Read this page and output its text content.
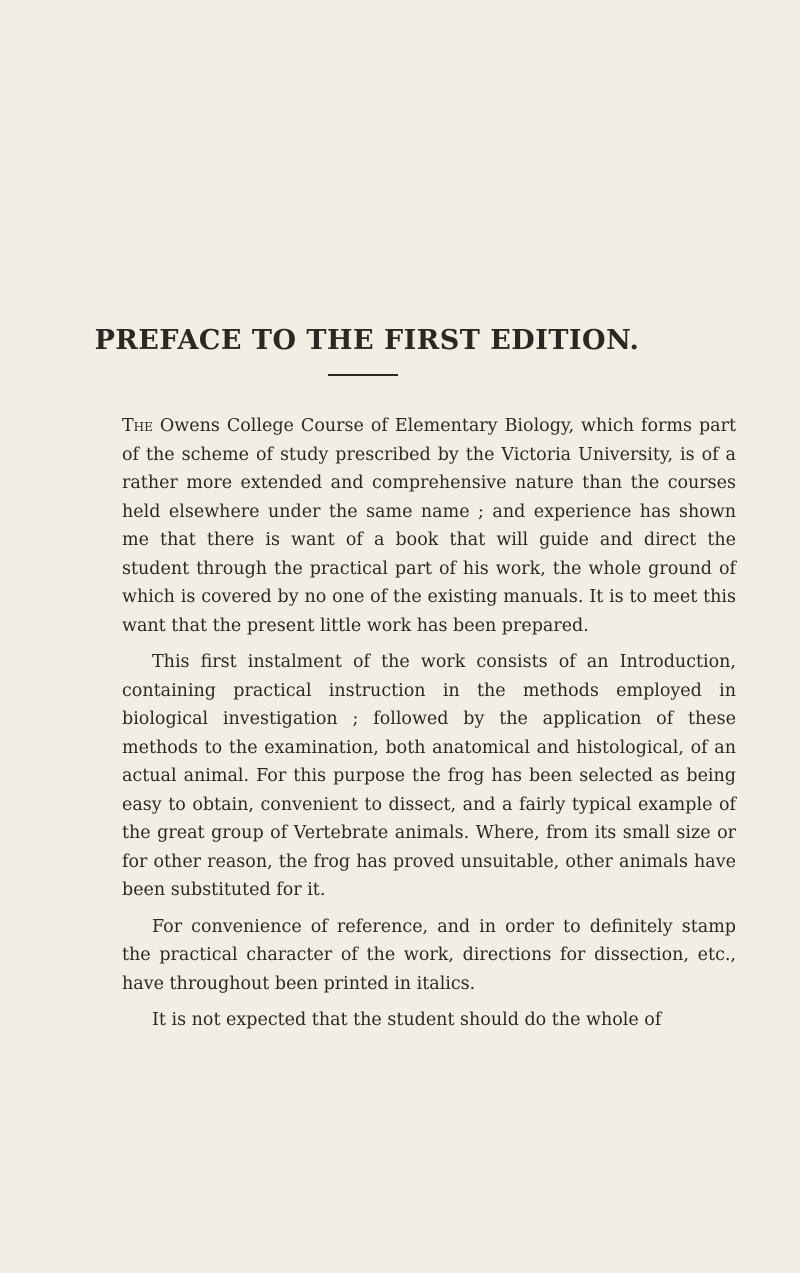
PREFACE TO THE FIRST EDITION.

The Owens College Course of Elementary Biology, which forms part of the scheme of study prescribed by the Victoria University, is of a rather more extended and comprehensive nature than the courses held elsewhere under the same name ; and experience has shown me that there is want of a book that will guide and direct the student through the practical part of his work, the whole ground of which is covered by no one of the existing manuals. It is to meet this want that the present little work has been prepared.

This first instalment of the work consists of an Introduction, containing practical instruction in the methods employed in biological investigation ; followed by the application of these methods to the examination, both anatomical and histological, of an actual animal. For this purpose the frog has been selected as being easy to obtain, convenient to dissect, and a fairly typical example of the great group of Vertebrate animals. Where, from its small size or for other reason, the frog has proved unsuitable, other animals have been substituted for it.

For convenience of reference, and in order to definitely stamp the practical character of the work, directions for dissection, etc., have throughout been printed in italics.

It is not expected that the student should do the whole of
